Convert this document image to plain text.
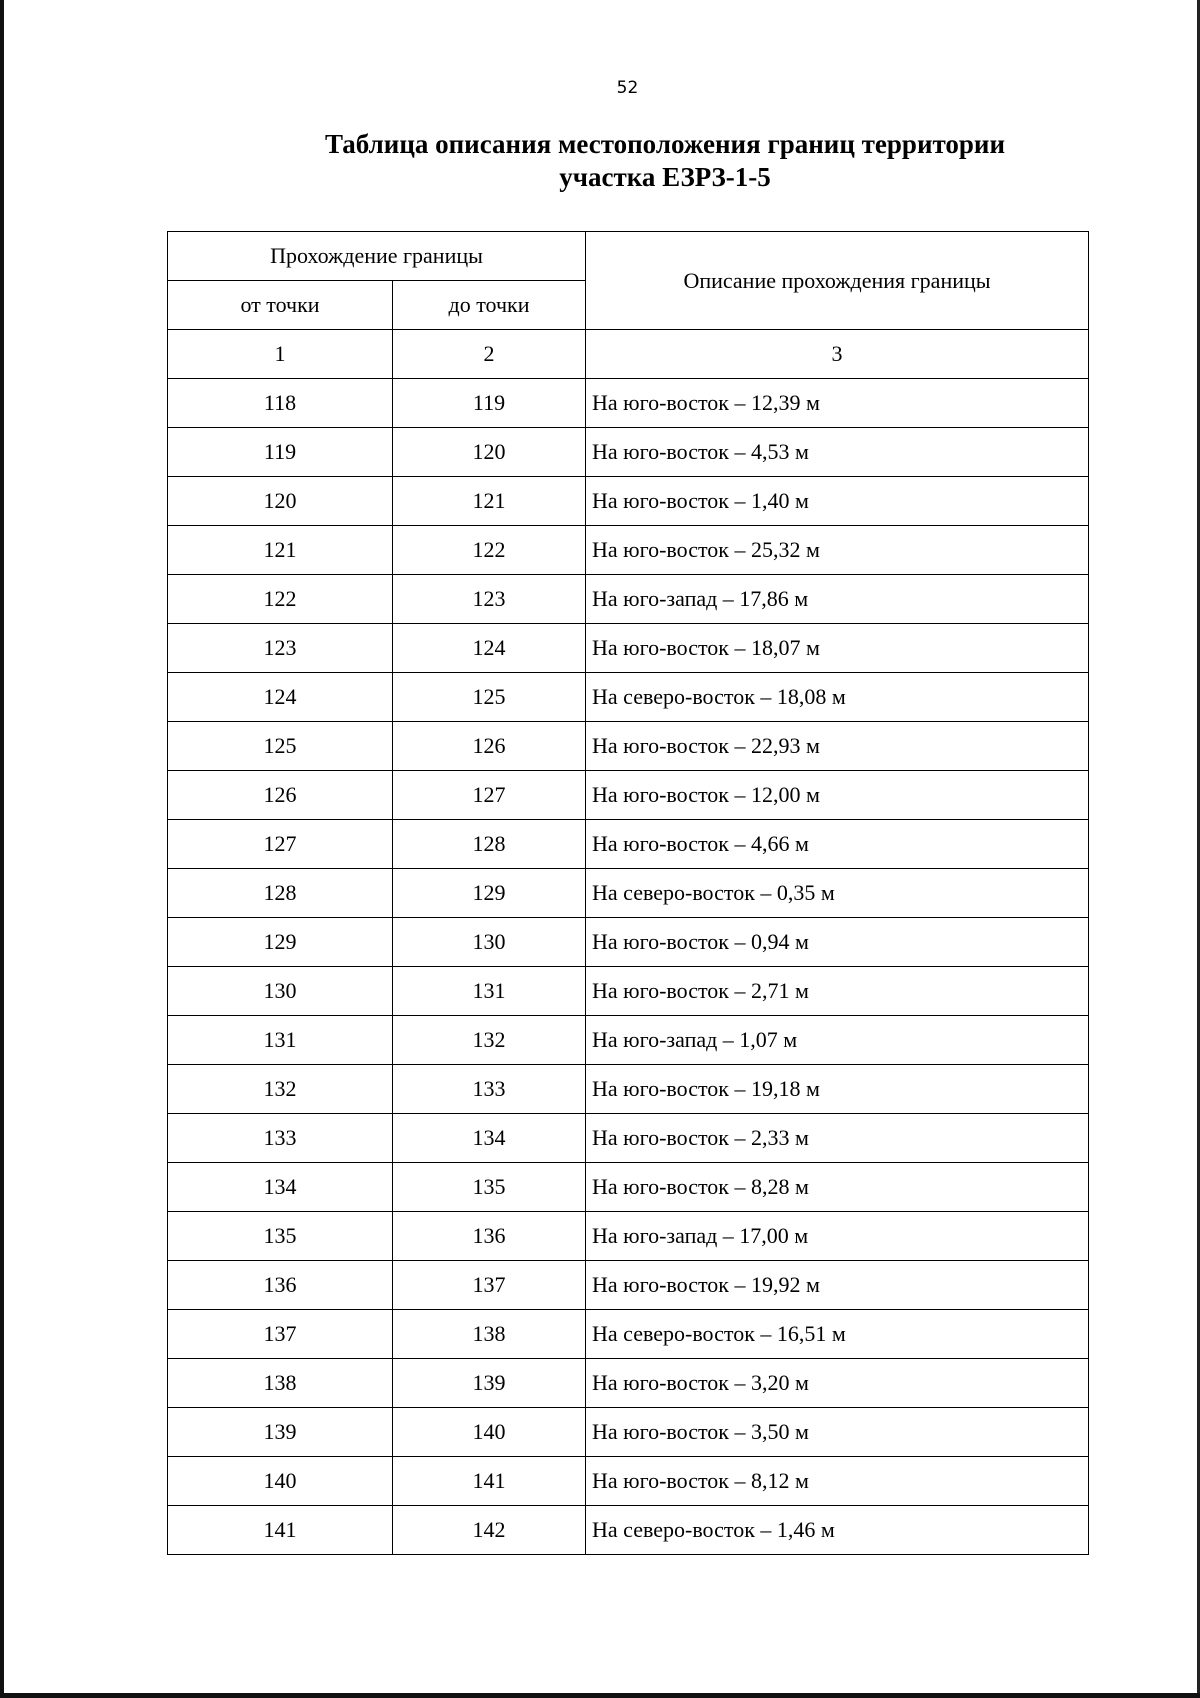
52
Таблица описания местоположения границ территории
участка ЕЗРЗ-1-5
Прохождение границы		Описание прохождения границы
от точки	до точки	
1	2	3
118	119	На юго-восток – 12,39 м
119	120	На юго-восток – 4,53 м
120	121	На юго-восток – 1,40 м
121	122	На юго-восток – 25,32 м
122	123	На юго-запад – 17,86 м
123	124	На юго-восток – 18,07 м
124	125	На северо-восток – 18,08 м
125	126	На юго-восток – 22,93 м
126	127	На юго-восток – 12,00 м
127	128	На юго-восток – 4,66 м
128	129	На северо-восток – 0,35 м
129	130	На юго-восток – 0,94 м
130	131	На юго-восток – 2,71 м
131	132	На юго-запад – 1,07 м
132	133	На юго-восток – 19,18 м
133	134	На юго-восток – 2,33 м
134	135	На юго-восток – 8,28 м
135	136	На юго-запад – 17,00 м
136	137	На юго-восток – 19,92 м
137	138	На северо-восток – 16,51 м
138	139	На юго-восток – 3,20 м
139	140	На юго-восток – 3,50 м
140	141	На юго-восток – 8,12 м
141	142	На северо-восток – 1,46 м
